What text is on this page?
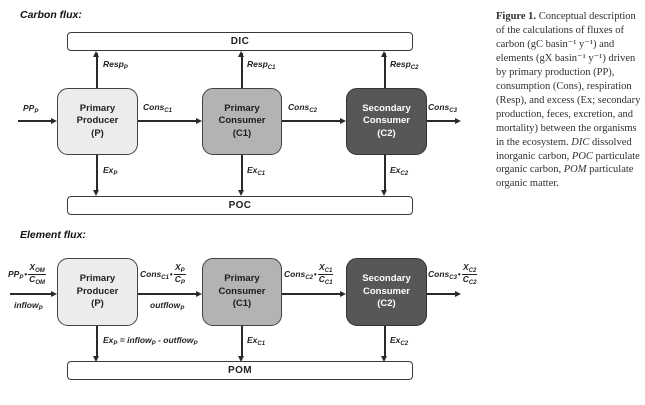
Carbon flux:
DIC
Resp$_P$	Resp$_{C1}$	Resp$_{C2}$
Primary
Producer
(P)
Primary
Consumer
(C1)
Secondary
Consumer
(C2)
$PP_P$	Cons$_{C1}$	Cons$_{C2}$	Cons$_{C3}$
$Ex_P$	$Ex_{C1}$	$Ex_{C2}$
POC
Element flux:
Primary
Producer
(P)
Primary
Consumer
(C1)
Secondary
Consumer
(C2)
$PP_P$ • $\frac{X_{OM}}{C_{OM}}$
inflow$_P$
Cons$_{C1}$ • $\frac{X_P}{C_P}$
outflow$_P$
Cons$_{C2}$ • $\frac{X_{C1}}{C_{C1}}$	Cons$_{C3}$ • $\frac{X_{C2}}{C_{C2}}$
$Ex_P$ = inflow$_P$ - outflow$_P$	$Ex_{C1}$	$Ex_{C2}$
POM
Figure 1. Conceptual description of the calculations of fluxes of carbon (gC basin⁻¹ y⁻¹) and elements (gX basin⁻¹ y⁻¹) driven by primary production (PP), consumption (Cons), respiration (Resp), and excess (Ex; secondary production, feces, excretion, and mortality) between the organisms in the ecosystem. DIC dissolved inorganic carbon, POC particulate organic carbon, POM particulate organic matter.
